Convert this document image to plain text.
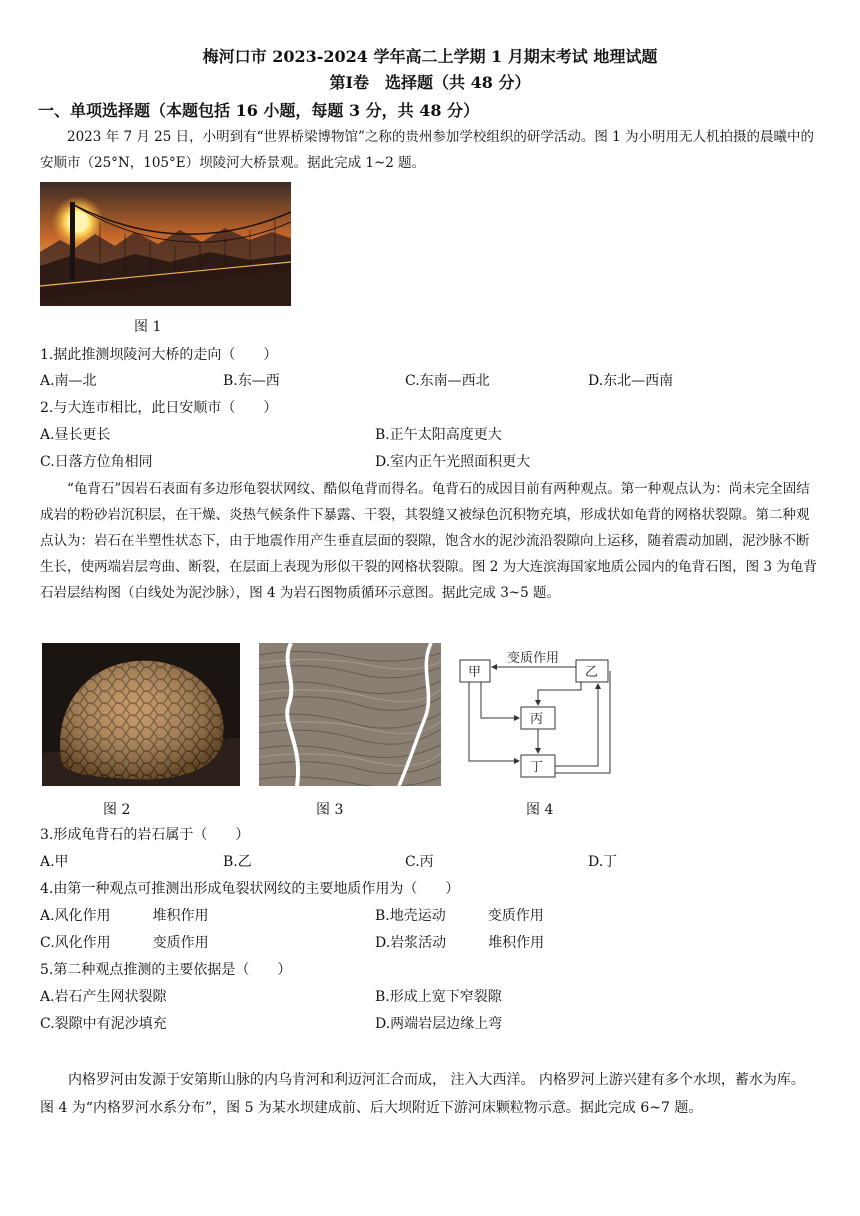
梅河口市 2023-2024 学年高二上学期 1 月期末考试 地理试题
第Ⅰ卷　选择题（共 48 分）
一、单项选择题（本题包括 16 小题，每题 3 分，共 48 分）
2023 年 7 月 25 日，小明到有“世界桥梁博物馆”之称的贵州参加学校组织的研学活动。图 1 为小明用无人机拍摄的晨曦中的安顺市（25°N，105°E）坝陵河大桥景观。据此完成 1~2 题。
图 1
1.据此推测坝陵河大桥的走向（　　）
A.南—北	B.东—西	C.东南—西北	D.东北—西南
2.与大连市相比，此日安顺市（　　）
A.昼长更长	B.正午太阳高度更大
C.日落方位角相同	D.室内正午光照面积更大
“龟背石”因岩石表面有多边形龟裂状网纹、酷似龟背而得名。龟背石的成因目前有两种观点。第一种观点认为：尚未完全固结成岩的粉砂岩沉积层，在干燥、炎热气候条件下暴露、干裂，其裂缝又被绿色沉积物充填，形成状如龟背的网格状裂隙。第二种观点认为：岩石在半塑性状态下，由于地震作用产生垂直层面的裂隙，饱含水的泥沙流沿裂隙向上运移，随着震动加剧，泥沙脉不断生长，使两端岩层弯曲、断裂，在层面上表现为形似干裂的网格状裂隙。图 2 为大连滨海国家地质公园内的龟背石图，图 3 为龟背石岩层结构图（白线处为泥沙脉），图 4 为岩石图物质循环示意图。据此完成 3~5 题。
图 2	图 3
变质作用
甲	乙
丙
丁
图 4
3.形成龟背石的岩石属于（　　）
A.甲	B.乙	C.丙	D.丁
4.由第一种观点可推测出形成龟裂状网纹的主要地质作用为（　　）
A.风化作用　　　堆积作用	B.地壳运动　　　变质作用
C.风化作用　　　变质作用	D.岩浆活动　　　堆积作用
5.第二种观点推测的主要依据是（　　）
A.岩石产生网状裂隙	B.形成上宽下窄裂隙
C.裂隙中有泥沙填充	D.两端岩层边缘上弯
内格罗河由发源于安第斯山脉的内乌肯河和利迈河汇合而成， 注入大西洋。 内格罗河上游兴建有多个水坝，蓄水为库。 图 4 为“内格罗河水系分布”，图 5 为某水坝建成前、后大坝附近下游河床颗粒物示意。据此完成 6~7 题。
